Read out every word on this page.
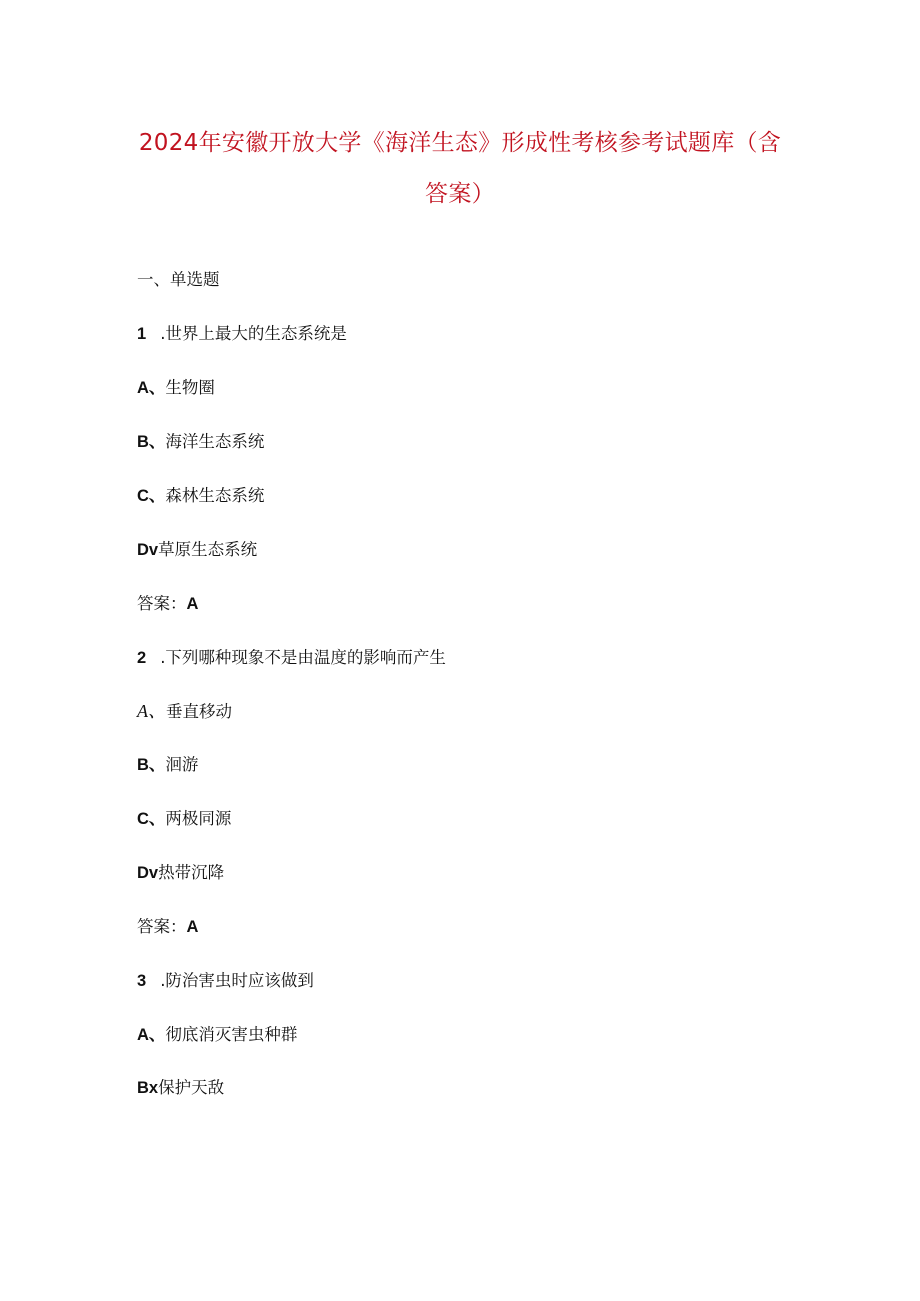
2024年安徽开放大学《海洋生态》形成性考核参考试题库（含
答案）
一、单选题
1 .世界上最大的生态系统是
A、生物圈
B、海洋生态系统
C、森林生态系统
Dv草原生态系统
答案：A
2 .下列哪种现象不是由温度的影响而产生
A、垂直移动
B、洄游
C、两极同源
Dv热带沉降
答案：A
3 .防治害虫时应该做到
A、彻底消灭害虫种群
Bx保护天敌
